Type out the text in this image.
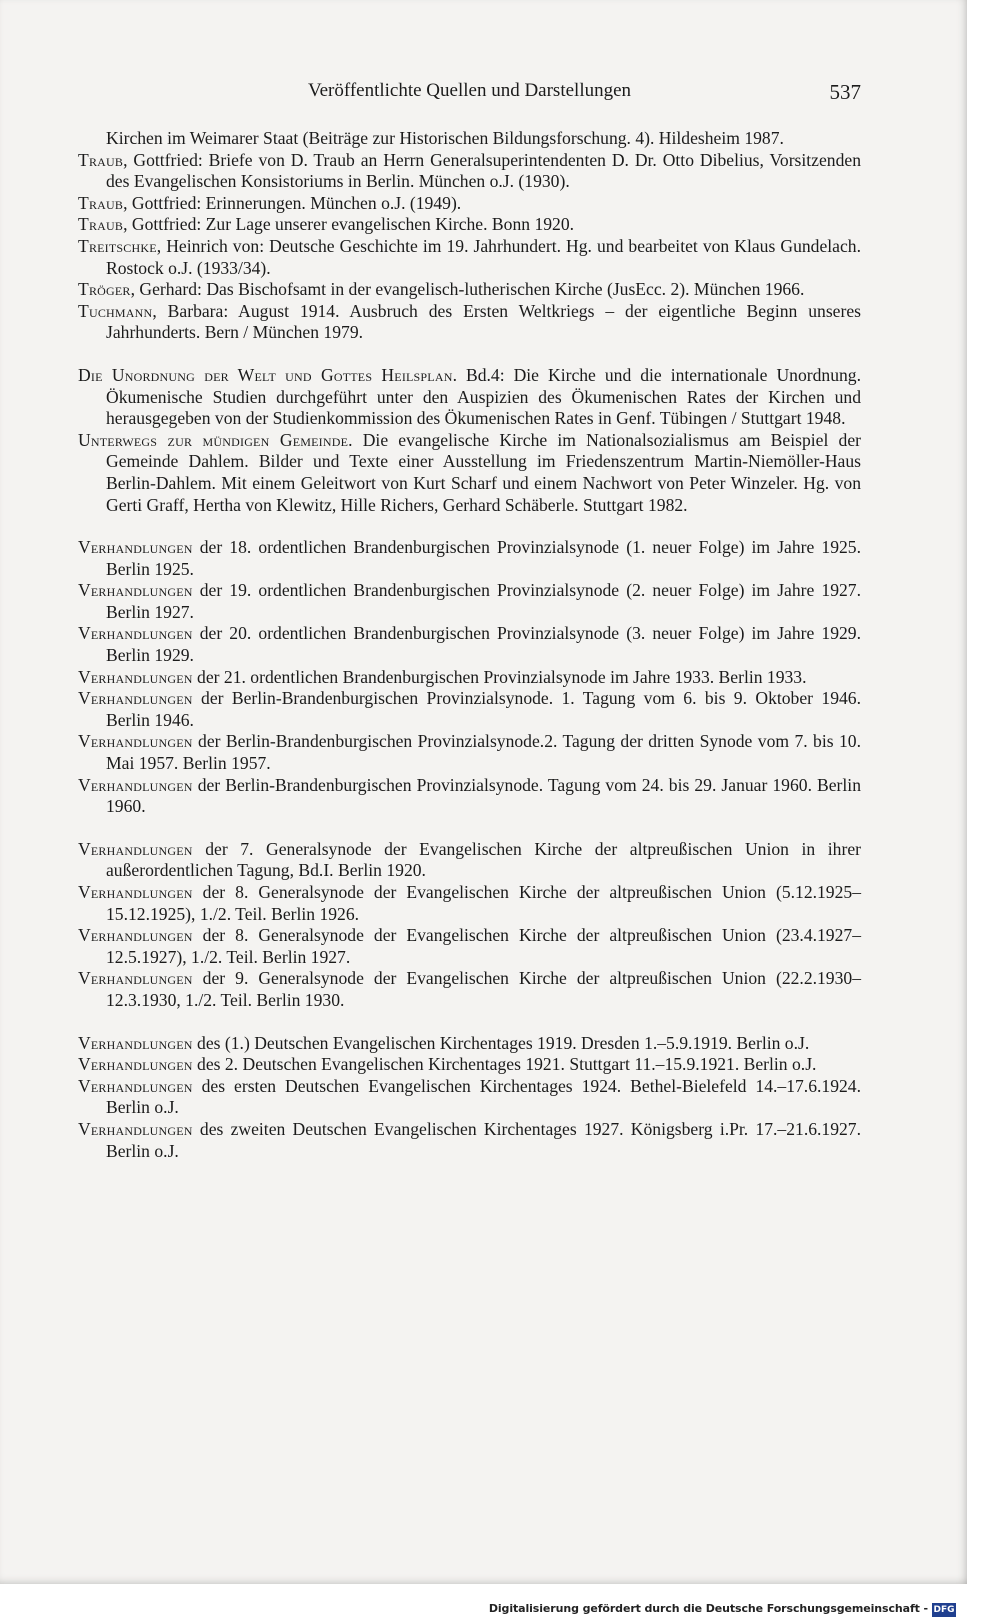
Veröffentlichte Quellen und Darstellungen	537

Kirchen im Weimarer Staat (Beiträge zur Historischen Bildungsforschung. 4). Hildesheim 1987.

Traub, Gottfried: Briefe von D. Traub an Herrn Generalsuperintendenten D. Dr. Otto Dibelius, Vorsitzenden des Evangelischen Konsistoriums in Berlin. München o.J. (1930).

Traub, Gottfried: Erinnerungen. München o.J. (1949).

Traub, Gottfried: Zur Lage unserer evangelischen Kirche. Bonn 1920.

Treitschke, Heinrich von: Deutsche Geschichte im 19. Jahrhundert. Hg. und bearbeitet von Klaus Gundelach. Rostock o.J. (1933/34).

Tröger, Gerhard: Das Bischofsamt in der evangelisch-lutherischen Kirche (JusEcc. 2). München 1966.

Tuchmann, Barbara: August 1914. Ausbruch des Ersten Weltkriegs – der eigentliche Beginn unseres Jahrhunderts. Bern / München 1979.

Die Unordnung der Welt und Gottes Heilsplan. Bd.4: Die Kirche und die internationale Unordnung. Ökumenische Studien durchgeführt unter den Auspizien des Ökumenischen Rates der Kirchen und herausgegeben von der Studienkommission des Ökumenischen Rates in Genf. Tübingen / Stuttgart 1948.

Unterwegs zur mündigen Gemeinde. Die evangelische Kirche im Nationalsozialismus am Beispiel der Gemeinde Dahlem. Bilder und Texte einer Ausstellung im Friedenszentrum Martin-Niemöller-Haus Berlin-Dahlem. Mit einem Geleitwort von Kurt Scharf und einem Nachwort von Peter Winzeler. Hg. von Gerti Graff, Hertha von Klewitz, Hille Richers, Gerhard Schäberle. Stuttgart 1982.

Verhandlungen der 18. ordentlichen Brandenburgischen Provinzialsynode (1. neuer Folge) im Jahre 1925. Berlin 1925.

Verhandlungen der 19. ordentlichen Brandenburgischen Provinzialsynode (2. neuer Folge) im Jahre 1927. Berlin 1927.

Verhandlungen der 20. ordentlichen Brandenburgischen Provinzialsynode (3. neuer Folge) im Jahre 1929. Berlin 1929.

Verhandlungen der 21. ordentlichen Brandenburgischen Provinzialsynode im Jahre 1933. Berlin 1933.

Verhandlungen der Berlin-Brandenburgischen Provinzialsynode. 1. Tagung vom 6. bis 9. Oktober 1946. Berlin 1946.

Verhandlungen der Berlin-Brandenburgischen Provinzialsynode.2. Tagung der dritten Synode vom 7. bis 10. Mai 1957. Berlin 1957.

Verhandlungen der Berlin-Brandenburgischen Provinzialsynode. Tagung vom 24. bis 29. Januar 1960. Berlin 1960.

Verhandlungen der 7. Generalsynode der Evangelischen Kirche der altpreußischen Union in ihrer außerordentlichen Tagung, Bd.I. Berlin 1920.

Verhandlungen der 8. Generalsynode der Evangelischen Kirche der altpreußischen Union (5.12.1925–15.12.1925), 1./2. Teil. Berlin 1926.

Verhandlungen der 8. Generalsynode der Evangelischen Kirche der altpreußischen Union (23.4.1927–12.5.1927), 1./2. Teil. Berlin 1927.

Verhandlungen der 9. Generalsynode der Evangelischen Kirche der altpreußischen Union (22.2.1930–12.3.1930, 1./2. Teil. Berlin 1930.

Verhandlungen des (1.) Deutschen Evangelischen Kirchentages 1919. Dresden 1.–5.9.1919. Berlin o.J.

Verhandlungen des 2. Deutschen Evangelischen Kirchentages 1921. Stuttgart 11.–15.9.1921. Berlin o.J.

Verhandlungen des ersten Deutschen Evangelischen Kirchentages 1924. Bethel-Bielefeld 14.–17.6.1924. Berlin o.J.

Verhandlungen des zweiten Deutschen Evangelischen Kirchentages 1927. Königsberg i.Pr. 17.–21.6.1927. Berlin o.J.

Digitalisierung gefördert durch die Deutsche Forschungsgemeinschaft - DFG
